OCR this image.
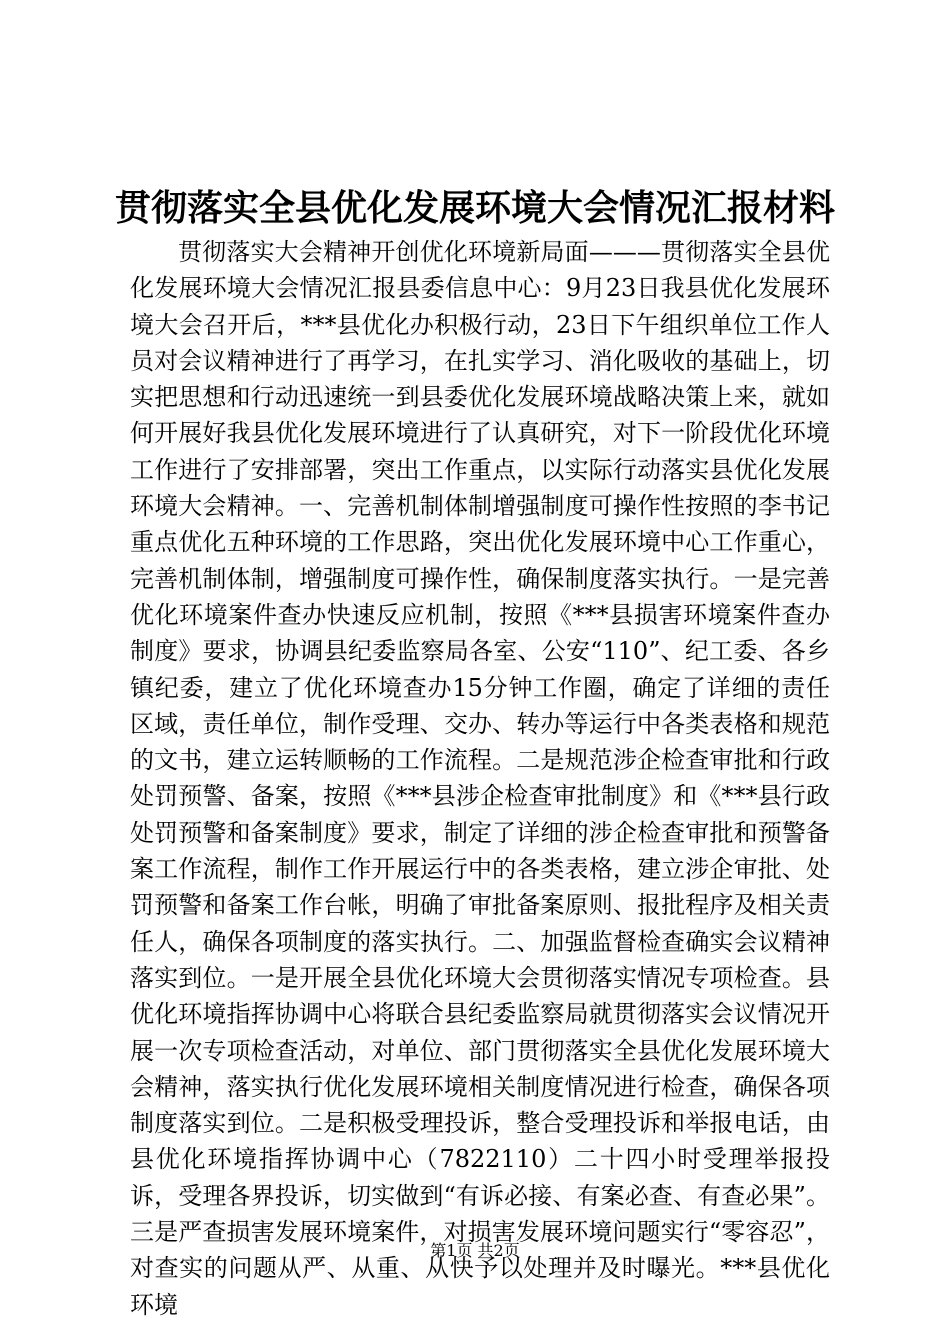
贯彻落实全县优化发展环境大会情况汇报材料

贯彻落实大会精神开创优化环境新局面———贯彻落实全县优化发展环境大会情况汇报县委信息中心：9月23日我县优化发展环境大会召开后，***县优化办积极行动，23日下午组织单位工作人员对会议精神进行了再学习，在扎实学习、消化吸收的基础上，切实把思想和行动迅速统一到县委优化发展环境战略决策上来，就如何开展好我县优化发展环境进行了认真研究，对下一阶段优化环境工作进行了安排部署，突出工作重点，以实际行动落实县优化发展环境大会精神。一、完善机制体制增强制度可操作性按照的李书记重点优化五种环境的工作思路，突出优化发展环境中心工作重心，完善机制体制，增强制度可操作性，确保制度落实执行。一是完善优化环境案件查办快速反应机制，按照《***县损害环境案件查办制度》要求，协调县纪委监察局各室、公安“110”、纪工委、各乡镇纪委，建立了优化环境查办15分钟工作圈，确定了详细的责任区域，责任单位，制作受理、交办、转办等运行中各类表格和规范的文书，建立运转顺畅的工作流程。二是规范涉企检查审批和行政处罚预警、备案，按照《***县涉企检查审批制度》和《***县行政处罚预警和备案制度》要求，制定了详细的涉企检查审批和预警备案工作流程，制作工作开展运行中的各类表格，建立涉企审批、处罚预警和备案工作台帐，明确了审批备案原则、报批程序及相关责任人，确保各项制度的落实执行。二、加强监督检查确实会议精神落实到位。一是开展全县优化环境大会贯彻落实情况专项检查。县优化环境指挥协调中心将联合县纪委监察局就贯彻落实会议情况开展一次专项检查活动，对单位、部门贯彻落实全县优化发展环境大会精神，落实执行优化发展环境相关制度情况进行检查，确保各项制度落实到位。二是积极受理投诉，整合受理投诉和举报电话，由县优化环境指挥协调中心（7822110）二十四小时受理举报投诉，受理各界投诉，切实做到“有诉必接、有案必查、有查必果”。三是严查损害发展环境案件，对损害发展环境问题实行“零容忍”，对查实的问题从严、从重、从快予以处理并及时曝光。***县优化环境

第1页 共2页
